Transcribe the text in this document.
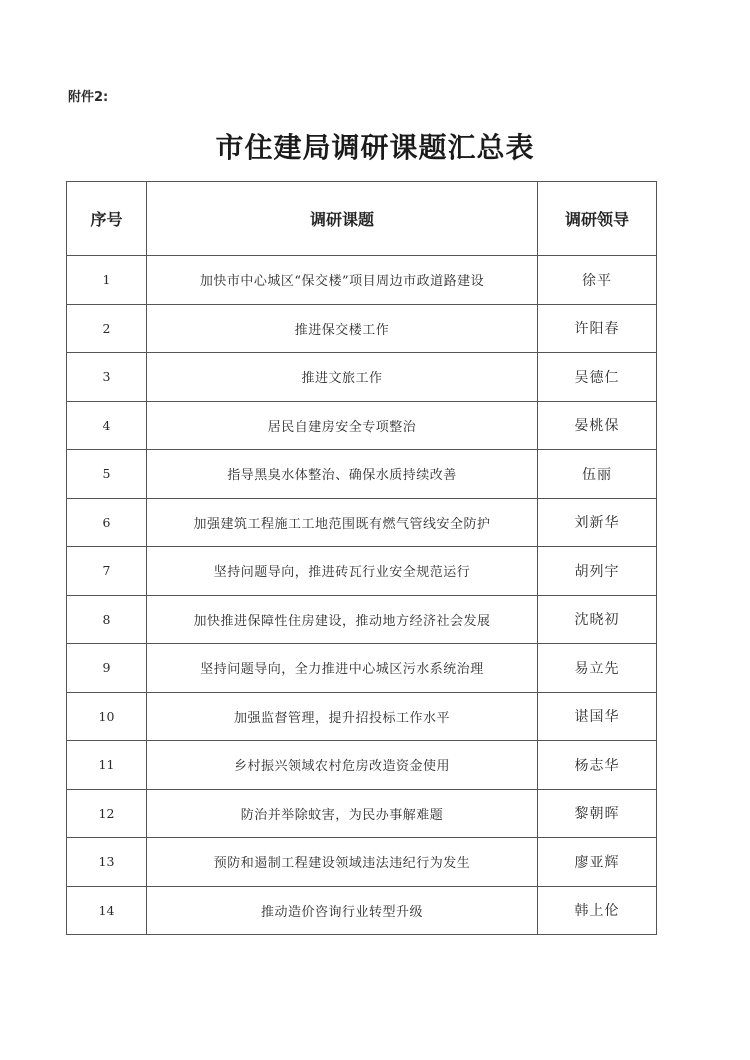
附件2:
市住建局调研课题汇总表
序号	调研课题	调研领导
1	加快市中心城区“保交楼”项目周边市政道路建设	徐平
2	推进保交楼工作	许阳春
3	推进文旅工作	吴德仁
4	居民自建房安全专项整治	晏桃保
5	指导黑臭水体整治、确保水质持续改善	伍丽
6	加强建筑工程施工工地范围既有燃气管线安全防护	刘新华
7	坚持问题导向，推进砖瓦行业安全规范运行	胡列宇
8	加快推进保障性住房建设，推动地方经济社会发展	沈晓初
9	坚持问题导向，全力推进中心城区污水系统治理	易立先
10	加强监督管理，提升招投标工作水平	谌国华
11	乡村振兴领域农村危房改造资金使用	杨志华
12	防治并举除蚊害，为民办事解难题	黎朝晖
13	预防和遏制工程建设领域违法违纪行为发生	廖亚辉
14	推动造价咨询行业转型升级	韩上伦
